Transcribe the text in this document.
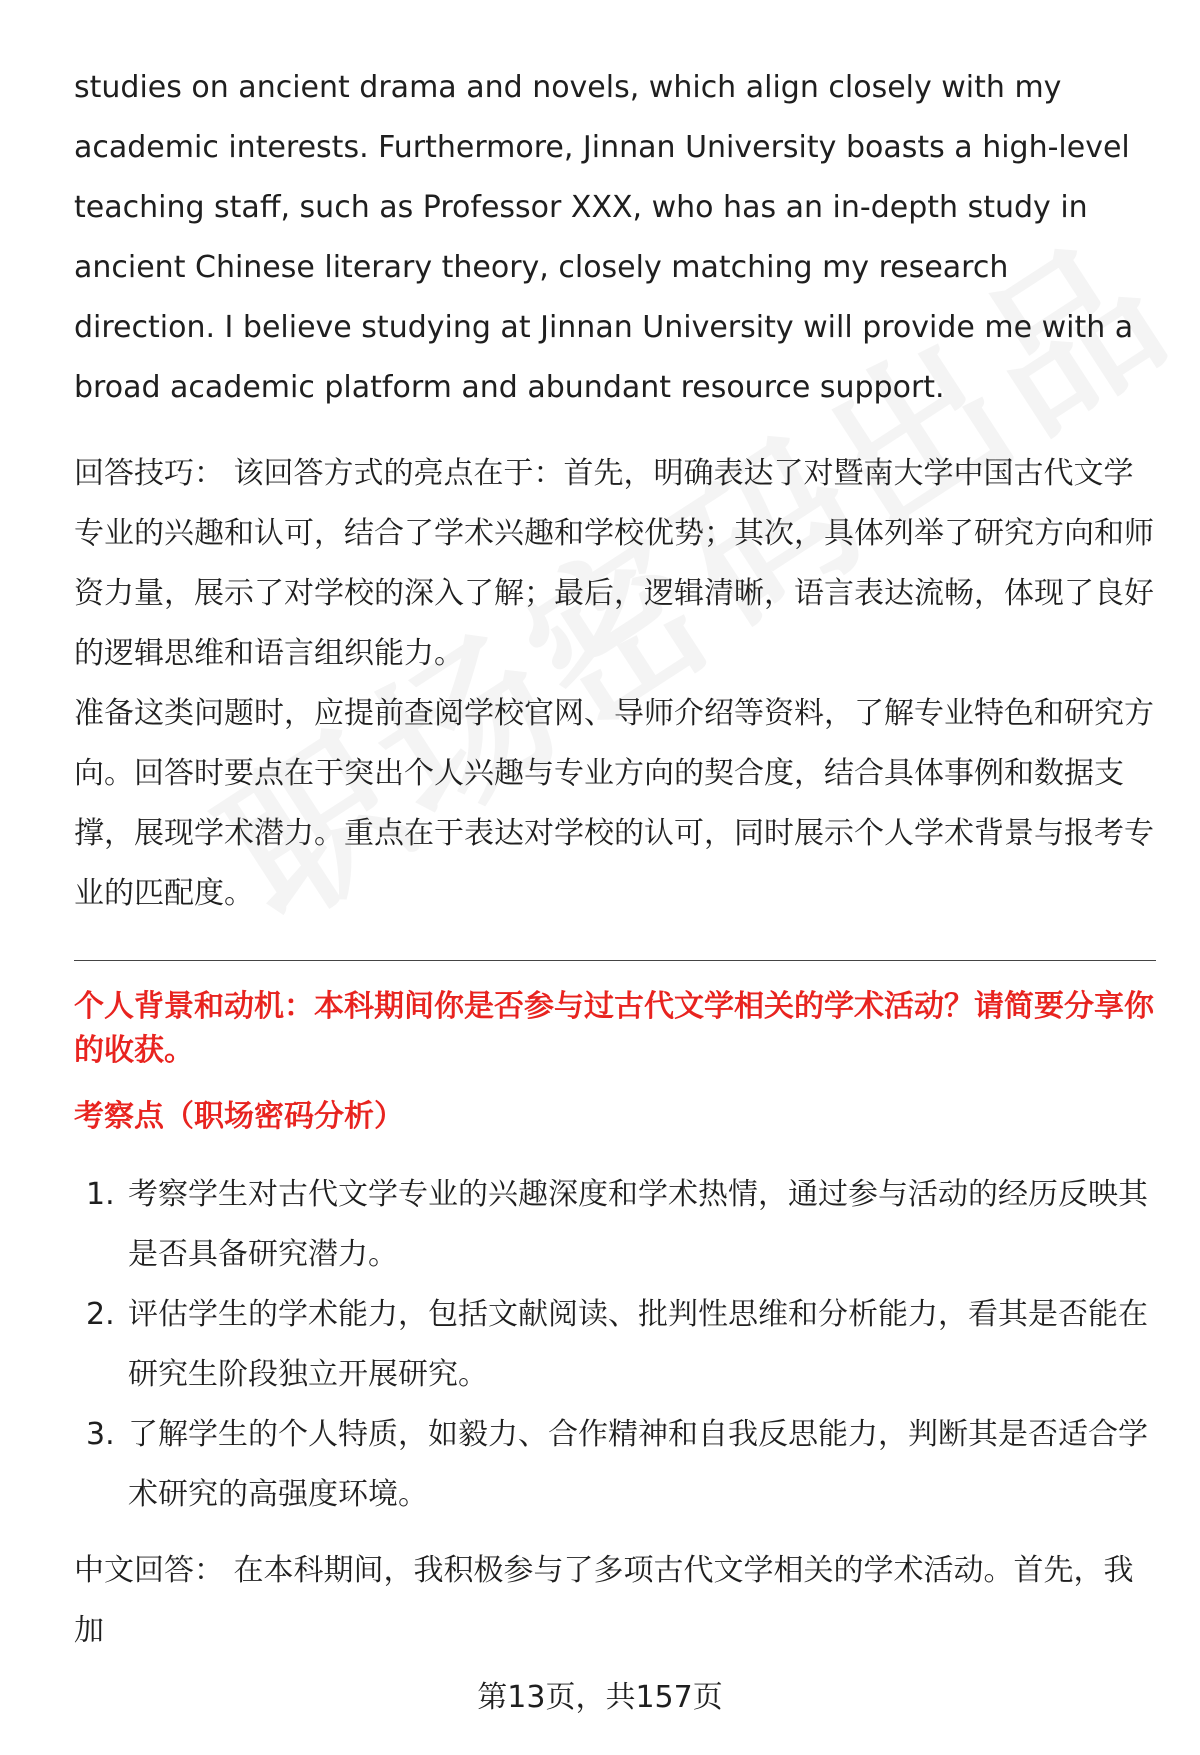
studies on ancient drama and novels, which align closely with my academic interests. Furthermore, Jinnan University boasts a high-level teaching staff, such as Professor XXX, who has an in-depth study in ancient Chinese literary theory, closely matching my research direction. I believe studying at Jinnan University will provide me with a broad academic platform and abundant resource support.

回答技巧： 该回答方式的亮点在于：首先，明确表达了对暨南大学中国古代文学专业的兴趣和认可，结合了学术兴趣和学校优势；其次，具体列举了研究方向和师资力量，展示了对学校的深入了解；最后，逻辑清晰，语言表达流畅，体现了良好的逻辑思维和语言组织能力。

准备这类问题时，应提前查阅学校官网、导师介绍等资料，了解专业特色和研究方向。回答时要点在于突出个人兴趣与专业方向的契合度，结合具体事例和数据支撑，展现学术潜力。重点在于表达对学校的认可，同时展示个人学术背景与报考专业的匹配度。

个人背景和动机：本科期间你是否参与过古代文学相关的学术活动？请简要分享你的收获。
考察点（职场密码分析）
1. 考察学生对古代文学专业的兴趣深度和学术热情，通过参与活动的经历反映其是否具备研究潜力。
2. 评估学生的学术能力，包括文献阅读、批判性思维和分析能力，看其是否能在研究生阶段独立开展研究。
3. 了解学生的个人特质，如毅力、合作精神和自我反思能力，判断其是否适合学术研究的高强度环境。

中文回答： 在本科期间，我积极参与了多项古代文学相关的学术活动。首先，我加

第13页，共157页
